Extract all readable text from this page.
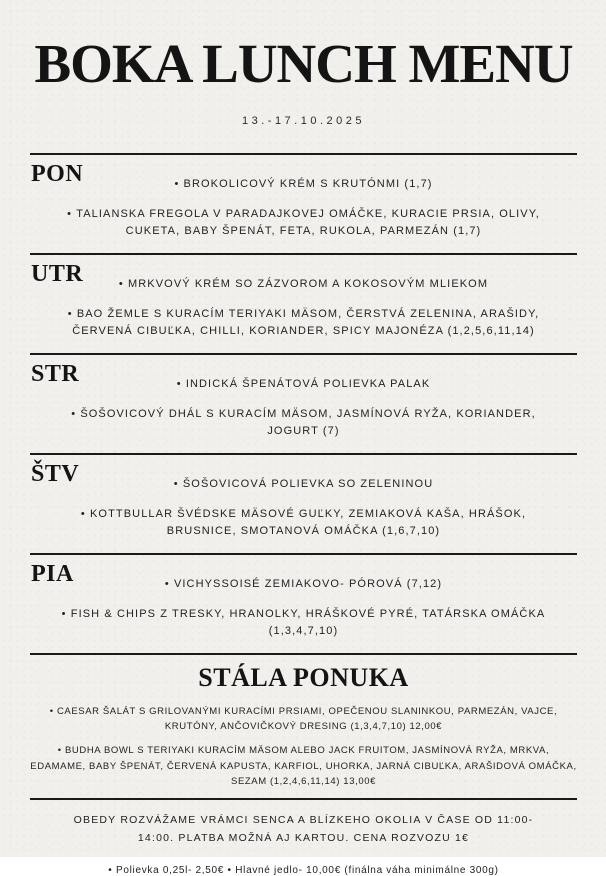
BOKA LUNCH MENU

13.-17.10.2025

PON	• BROKOLICOVÝ KRÉM S KRUTÓNMI (1,7)

• TALIANSKA FREGOLA V PARADAJKOVEJ OMÁČKE, KURACIE PRSIA, OLIVY, CUKETA, BABY ŠPENÁT, FETA, RUKOLA, PARMEZÁN (1,7)

UTR	• MRKVOVÝ KRÉM SO ZÁZVOROM A KOKOSOVÝM MLIEKOM

• BAO ŽEMLE S KURACÍM TERIYAKI MÄSOM, ČERSTVÁ ZELENINA, ARAŠIDY, ČERVENÁ CIBUĽKA, CHILLI, KORIANDER, SPICY MAJONÉZA (1,2,5,6,11,14)

STR	• INDICKÁ ŠPENÁTOVÁ POLIEVKA PALAK

• ŠOŠOVICOVÝ DHÁL S KURACÍM MÄSOM, JASMÍNOVÁ RYŽA, KORIANDER, JOGURT (7)

ŠTV	• ŠOŠOVICOVÁ POLIEVKA SO ZELENINOU

• KOTTBULLAR ŠVÉDSKE MÄSOVÉ GUĽKY, ZEMIAKOVÁ KAŠA, HRÁŠOK, BRUSNICE, SMOTANOVÁ OMÁČKA (1,6,7,10)

PIA	• VICHYSSOISÉ ZEMIAKOVO- PÓROVÁ (7,12)

• FISH & CHIPS Z TRESKY, HRANOLKY, HRÁŠKOVÉ PYRÉ, TATÁRSKA OMÁČKA (1,3,4,7,10)

STÁLA PONUKA

• CAESAR ŠALÁT S GRILOVANÝMI KURACÍMI PRSIAMI, OPEČENOU SLANINKOU, PARMEZÁN, VAJCE, KRUTÓNY, ANČOVIČKOVÝ DRESING (1,3,4,7,10) 12,00€

• BUDHA BOWL S TERIYAKI KURACÍM MÄSOM ALEBO JACK FRUITOM, JASMÍNOVÁ RYŽA, MRKVA, EDAMAME, BABY ŠPENÁT, ČERVENÁ KAPUSTA, KARFIOL, UHORKA, JARNÁ CIBUĽKA, ARAŠIDOVÁ OMÁČKA, SEZAM (1,2,4,6,11,14) 13,00€

OBEDY ROZVÁŽAME VRÁMCI SENCA A BLÍZKEHO OKOLIA V ČASE OD 11:00- 14:00. PLATBA MOŽNÁ AJ KARTOU. CENA ROZVOZU 1€

• Polievka 0,25l- 2,50€ • Hlavné jedlo- 10,00€ (finálna váha minimálne 300g)
